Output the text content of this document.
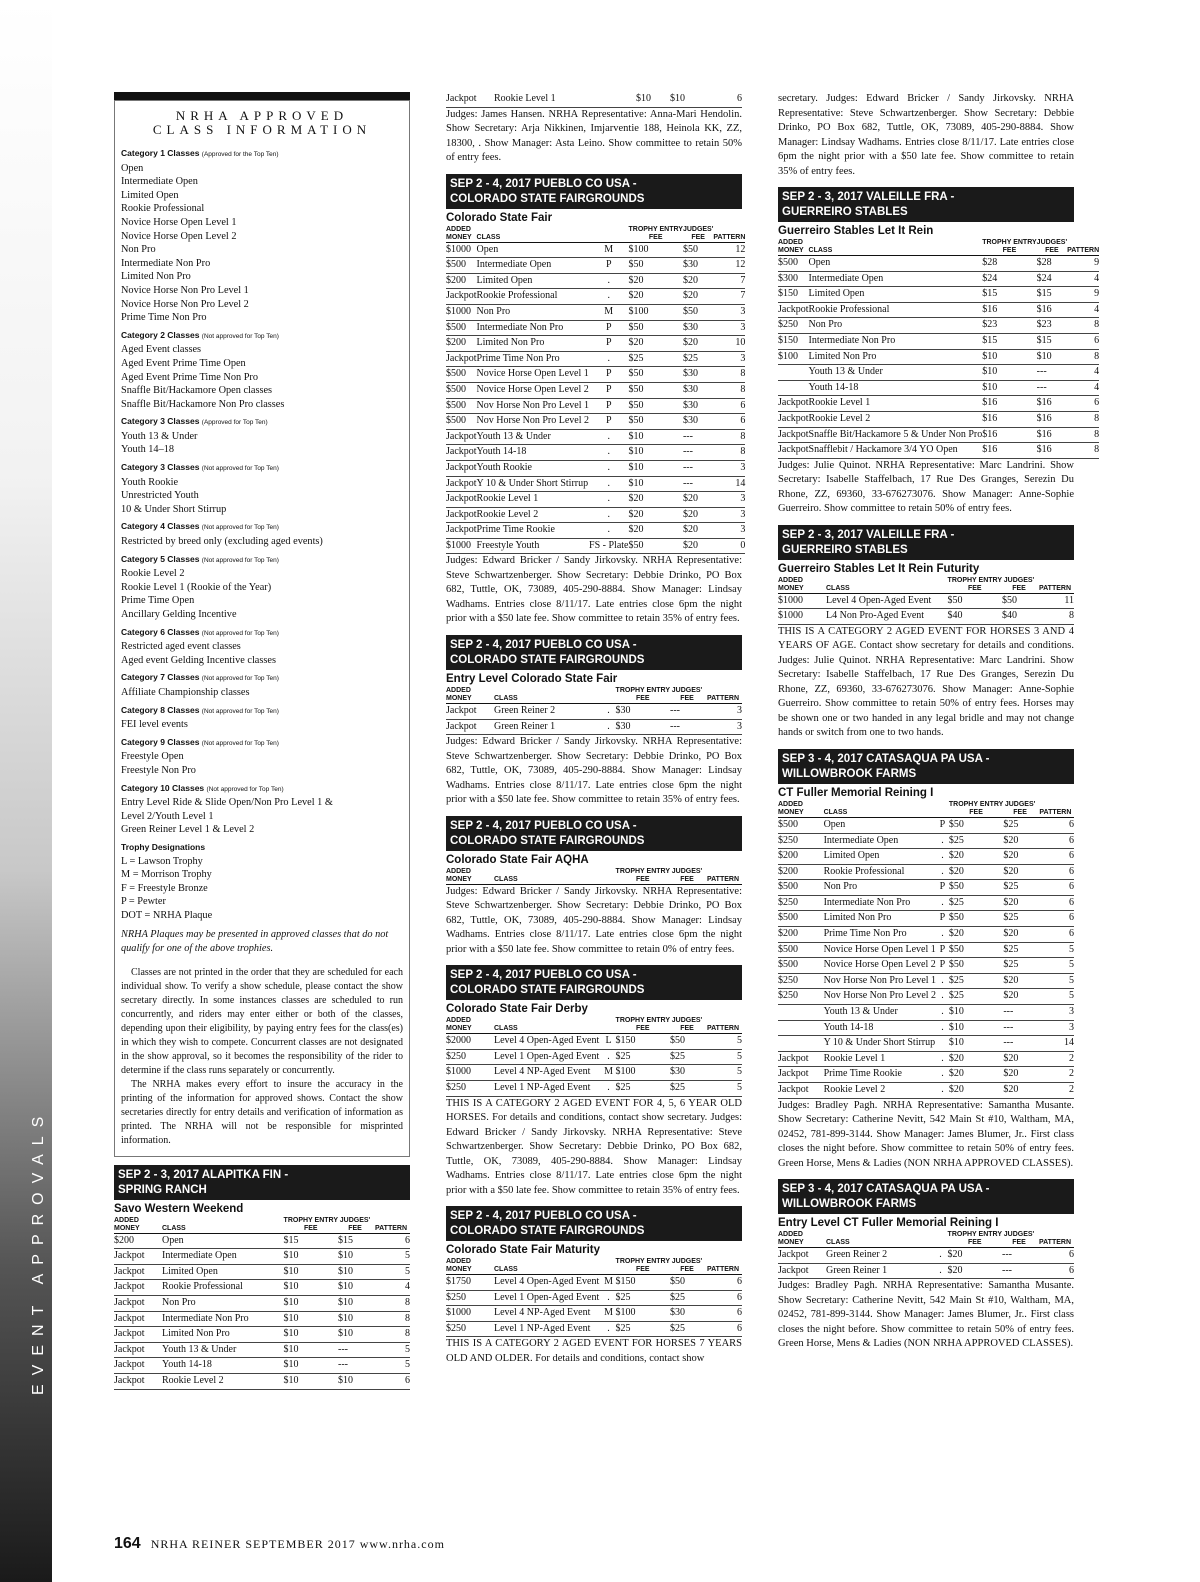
EVENT APPROVALS
NRHA APPROVED
CLASS INFORMATION
Category 1 Classes (Approved for the Top Ten)
Open
Intermediate Open
Limited Open
Rookie Professional
Novice Horse Open Level 1
Novice Horse Open Level 2
Non Pro
Intermediate Non Pro
Limited Non Pro
Novice Horse Non Pro Level 1
Novice Horse Non Pro Level 2
Prime Time Non Pro
Category 2 Classes (Not approved for Top Ten)
Aged Event classes
Aged Event Prime Time Open
Aged Event Prime Time Non Pro
Snaffle Bit/Hackamore Open classes
Snaffle Bit/Hackamore Non Pro classes
Category 3 Classes (Approved for Top Ten)
Youth 13 & Under
Youth 14–18
Category 3 Classes (Not approved for Top Ten)
Youth Rookie
Unrestricted Youth
10 & Under Short Stirrup
Category 4 Classes (Not approved for Top Ten)
Restricted by breed only (excluding aged events)
Category 5 Classes (Not approved for Top Ten)
Rookie Level 2
Rookie Level 1 (Rookie of the Year)
Prime Time Open
Ancillary Gelding Incentive
Category 6 Classes (Not approved for Top Ten)
Restricted aged event classes
Aged event Gelding Incentive classes
Category 7 Classes (Not approved for Top Ten)
Affiliate Championship classes
Category 8 Classes (Not approved for Top Ten)
FEI level events
Category 9 Classes (Not approved for Top Ten)
Freestyle Open
Freestyle Non Pro
Category 10 Classes (Not approved for Top Ten)
Entry Level Ride & Slide Open/Non Pro Level 1 &
Level 2/Youth Level 1
Green Reiner Level 1 & Level 2
Trophy Designations
L = Lawson Trophy
M = Morrison Trophy
F = Freestyle Bronze
P = Pewter
DOT = NRHA Plaque
NRHA Plaques may be presented in approved classes that do not qualify for one of the above trophies.
Classes are not printed in the order that they are scheduled for each individual show. To verify a show schedule, please contact the show secretary directly. In some instances classes are scheduled to run concurrently, and riders may enter either or both of the classes, depending upon their eligibility, by paying entry fees for the class(es) in which they wish to compete. Concurrent classes are not designated in the show approval, so it becomes the responsibility of the rider to determine if the class runs separately or concurrently.
The NRHA makes every effort to insure the accuracy in the printing of the information for approved shows. Contact the show secretaries directly for entry details and verification of information as printed. The NRHA will not be responsible for misprinted information.
SEP 2 - 3, 2017 ALAPITKA FIN -
SPRING RANCH
Savo Western Weekend
ADDED
MONEY	
CLASS		TROPHY ENTRY
FEE	JUDGES'
FEE	
PATTERN
$200	Open		$15	$15	6
Jackpot	Intermediate Open		$10	$10	5
Jackpot	Limited Open		$10	$10	5
Jackpot	Rookie Professional		$10	$10	4
Jackpot	Non Pro		$10	$10	8
Jackpot	Intermediate Non Pro		$10	$10	8
Jackpot	Limited Non Pro		$10	$10	8
Jackpot	Youth 13 & Under		$10	---	5
Jackpot	Youth 14-18		$10	---	5
Jackpot	Rookie Level 2		$10	$10	6
Jackpot	Rookie Level 1		$10	$10	6
Judges: James Hansen. NRHA Representative: Anna-Mari Hendolin. Show Secretary: Arja Nikkinen, Imjarventie 188, Heinola KK, ZZ, 18300, . Show Manager: Asta Leino. Show committee to retain 50% of entry fees.
SEP 2 - 4, 2017 PUEBLO CO USA -
COLORADO STATE FAIRGROUNDS
Colorado State Fair
ADDED
MONEY	
CLASS		TROPHY ENTRY
FEE	JUDGES'
FEE	
PATTERN
$1000	Open	M	$100	$50	12
$500	Intermediate Open	P	$50	$30	12
$200	Limited Open	.	$20	$20	7
Jackpot	Rookie Professional	.	$20	$20	7
$1000	Non Pro	M	$100	$50	3
$500	Intermediate Non Pro	P	$50	$30	3
$200	Limited Non Pro	P	$20	$20	10
Jackpot	Prime Time Non Pro	.	$25	$25	3
$500	Novice Horse Open Level 1	P	$50	$30	8
$500	Novice Horse Open Level 2	P	$50	$30	8
$500	Nov Horse Non Pro Level 1	P	$50	$30	6
$500	Nov Horse Non Pro Level 2	P	$50	$30	6
Jackpot	Youth 13 & Under	.	$10	---	8
Jackpot	Youth 14-18	.	$10	---	8
Jackpot	Youth Rookie	.	$10	---	3
Jackpot	Y 10 & Under Short Stirrup	.	$10	---	14
Jackpot	Rookie Level 1	.	$20	$20	3
Jackpot	Rookie Level 2	.	$20	$20	3
Jackpot	Prime Time Rookie	.	$20	$20	3
$1000	Freestyle Youth	FS - Plate	$50	$20	0
Judges: Edward Bricker / Sandy Jirkovsky. NRHA Representative: Steve Schwartzenberger. Show Secretary: Debbie Drinko, PO Box 682, Tuttle, OK, 73089, 405-290-8884. Show Manager: Lindsay Wadhams. Entries close 8/11/17. Late entries close 6pm the night prior with a $50 late fee. Show committee to retain 35% of entry fees.
SEP 2 - 4, 2017 PUEBLO CO USA -
COLORADO STATE FAIRGROUNDS
Entry Level Colorado State Fair
ADDED
MONEY	
CLASS		TROPHY ENTRY
FEE	JUDGES'
FEE	
PATTERN
Jackpot	Green Reiner 2	.	$30	---	3
Jackpot	Green Reiner 1	.	$30	---	3
Judges: Edward Bricker / Sandy Jirkovsky. NRHA Representative: Steve Schwartzenberger. Show Secretary: Debbie Drinko, PO Box 682, Tuttle, OK, 73089, 405-290-8884. Show Manager: Lindsay Wadhams. Entries close 8/11/17. Late entries close 6pm the night prior with a $50 late fee. Show committee to retain 35% of entry fees.
SEP 2 - 4, 2017 PUEBLO CO USA -
COLORADO STATE FAIRGROUNDS
Colorado State Fair AQHA
ADDED
MONEY	
CLASS	
	TROPHY ENTRY
FEE	JUDGES'
FEE	
PATTERN
Judges: Edward Bricker / Sandy Jirkovsky. NRHA Representative: Steve Schwartzenberger. Show Secretary: Debbie Drinko, PO Box 682, Tuttle, OK, 73089, 405-290-8884. Show Manager: Lindsay Wadhams. Entries close 8/11/17. Late entries close 6pm the night prior with a $50 late fee. Show committee to retain 0% of entry fees.
SEP 2 - 4, 2017 PUEBLO CO USA -
COLORADO STATE FAIRGROUNDS
Colorado State Fair Derby
ADDED
MONEY	
CLASS		TROPHY ENTRY
FEE	JUDGES'
FEE	
PATTERN
$2000	Level 4 Open-Aged Event	L	$150	$50	5
$250	Level 1 Open-Aged Event	.	$25	$25	5
$1000	Level 4 NP-Aged Event	M	$100	$30	5
$250	Level 1 NP-Aged Event	.	$25	$25	5
THIS IS A CATEGORY 2 AGED EVENT FOR 4, 5, 6 YEAR OLD HORSES. For details and conditions, contact show secretary. Judges: Edward Bricker / Sandy Jirkovsky. NRHA Representative: Steve Schwartzenberger. Show Secretary: Debbie Drinko, PO Box 682, Tuttle, OK, 73089, 405-290-8884. Show Manager: Lindsay Wadhams. Entries close 8/11/17. Late entries close 6pm the night prior with a $50 late fee. Show committee to retain 35% of entry fees.
SEP 2 - 4, 2017 PUEBLO CO USA -
COLORADO STATE FAIRGROUNDS
Colorado State Fair Maturity
ADDED
MONEY	
CLASS		TROPHY ENTRY
FEE	JUDGES'
FEE	
PATTERN
$1750	Level 4 Open-Aged Event	M	$150	$50	6
$250	Level 1 Open-Aged Event	.	$25	$25	6
$1000	Level 4 NP-Aged Event	M	$100	$30	6
$250	Level 1 NP-Aged Event	.	$25	$25	6
THIS IS A CATEGORY 2 AGED EVENT FOR HORSES 7 YEARS OLD AND OLDER. For details and conditions, contact show
secretary. Judges: Edward Bricker / Sandy Jirkovsky. NRHA Representative: Steve Schwartzenberger. Show Secretary: Debbie Drinko, PO Box 682, Tuttle, OK, 73089, 405-290-8884. Show Manager: Lindsay Wadhams. Entries close 8/11/17. Late entries close 6pm the night prior with a $50 late fee. Show committee to retain 35% of entry fees.
SEP 2 - 3, 2017 VALEILLE FRA -
GUERREIRO STABLES
Guerreiro Stables Let It Rein
ADDED
MONEY	
CLASS		TROPHY ENTRY
FEE	JUDGES'
FEE	
PATTERN
$500	Open		$28	$28	9
$300	Intermediate Open		$24	$24	4
$150	Limited Open		$15	$15	9
Jackpot	Rookie Professional		$16	$16	4
$250	Non Pro		$23	$23	8
$150	Intermediate Non Pro		$15	$15	6
$100	Limited Non Pro		$10	$10	8
	Youth 13 & Under		$10	---	4
	Youth 14-18		$10	---	4
Jackpot	Rookie Level 1		$16	$16	6
Jackpot	Rookie Level 2		$16	$16	8
Jackpot	Snaffle Bit/Hackamore 5 & Under Non Pro		$16	$16	8
Jackpot	Snafflebit / Hackamore 3/4 YO Open		$16	$16	8
Judges: Julie Quinot. NRHA Representative: Marc Landrini. Show Secretary: Isabelle Staffelbach, 17 Rue Des Granges, Serezin Du Rhone, ZZ, 69360, 33-676273076. Show Manager: Anne-Sophie Guerreiro. Show committee to retain 50% of entry fees.
SEP 2 - 3, 2017 VALEILLE FRA -
GUERREIRO STABLES
Guerreiro Stables Let It Rein Futurity
ADDED
MONEY	
CLASS		TROPHY ENTRY
FEE	JUDGES'
FEE	
PATTERN
$1000	Level 4 Open-Aged Event		$50	$50	11
$1000	L4 Non Pro-Aged Event		$40	$40	8
THIS IS A CATEGORY 2 AGED EVENT FOR HORSES 3 AND 4 YEARS OF AGE. Contact show secretary for details and conditions. Judges: Julie Quinot. NRHA Representative: Marc Landrini. Show Secretary: Isabelle Staffelbach, 17 Rue Des Granges, Serezin Du Rhone, ZZ, 69360, 33-676273076. Show Manager: Anne-Sophie Guerreiro. Show committee to retain 50% of entry fees. Horses may be shown one or two handed in any legal bridle and may not change hands or switch from one to two hands.
SEP 3 - 4, 2017 CATASAQUA PA USA -
WILLOWBROOK FARMS
CT Fuller Memorial Reining I
ADDED
MONEY	
CLASS		TROPHY ENTRY
FEE	JUDGES'
FEE	
PATTERN
$500	Open	P	$50	$25	6
$250	Intermediate Open	.	$25	$20	6
$200	Limited Open	.	$20	$20	6
$200	Rookie Professional	.	$20	$20	6
$500	Non Pro	P	$50	$25	6
$250	Intermediate Non Pro	.	$25	$20	6
$500	Limited Non Pro	P	$50	$25	6
$200	Prime Time Non Pro	.	$20	$20	6
$500	Novice Horse Open Level 1	P	$50	$25	5
$500	Novice Horse Open Level 2	P	$50	$25	5
$250	Nov Horse Non Pro Level 1	.	$25	$20	5
$250	Nov Horse Non Pro Level 2	.	$25	$20	5
	Youth 13 & Under	.	$10	---	3
	Youth 14-18	.	$10	---	3
	Y 10 & Under Short Stirrup		$10	---	14
Jackpot	Rookie Level 1	.	$20	$20	2
Jackpot	Prime Time Rookie	.	$20	$20	2
Jackpot	Rookie Level 2	.	$20	$20	2
Judges: Bradley Pagh. NRHA Representative: Samantha Musante. Show Secretary: Catherine Nevitt, 542 Main St #10, Waltham, MA, 02452, 781-899-3144. Show Manager: James Blumer, Jr.. First class closes the night before. Show committee to retain 50% of entry fees. Green Horse, Mens & Ladies (NON NRHA APPROVED CLASSES).
SEP 3 - 4, 2017 CATASAQUA PA USA -
WILLOWBROOK FARMS
Entry Level CT Fuller Memorial Reining I
ADDED
MONEY	
CLASS		TROPHY ENTRY
FEE	JUDGES'
FEE	
PATTERN
Jackpot	Green Reiner 2	.	$20	---	6
Jackpot	Green Reiner 1	.	$20	---	6
Judges: Bradley Pagh. NRHA Representative: Samantha Musante. Show Secretary: Catherine Nevitt, 542 Main St #10, Waltham, MA, 02452, 781-899-3144. Show Manager: James Blumer, Jr.. First class closes the night before. Show committee to retain 50% of entry fees. Green Horse, Mens & Ladies (NON NRHA APPROVED CLASSES).
164 NRHA REINER SEPTEMBER 2017 www.nrha.com
